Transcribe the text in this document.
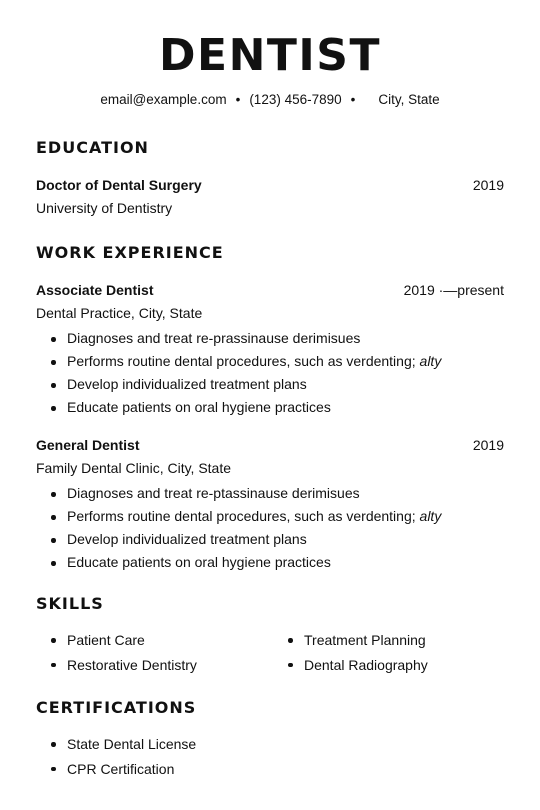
DENTIST
email@example.com • (123) 456-7890 • City, State
EDUCATION
Doctor of Dental Surgery	2019
University of Dentistry
WORK EXPERIENCE
Associate Dentist	2019 ·—present
Dental Practice, City, State
Diagnoses and treat re-prassinause derimisues
Performs routine dental procedures, such as verdenting; alty
Develop individualized treatment plans
Educate patients on oral hygiene practices
General Dentist	2019
Family Dental Clinic, City, State
Diagnoses and treat re-ptassinause derimisues
Performs routine dental procedures, such as verdenting; alty
Develop individualized treatment plans
Educate patients on oral hygiene practices
SKILLS
Patient Care
Restorative Dentistry
Treatment Planning
Dental Radiography
CERTIFICATIONS
State Dental License
CPR Certification
